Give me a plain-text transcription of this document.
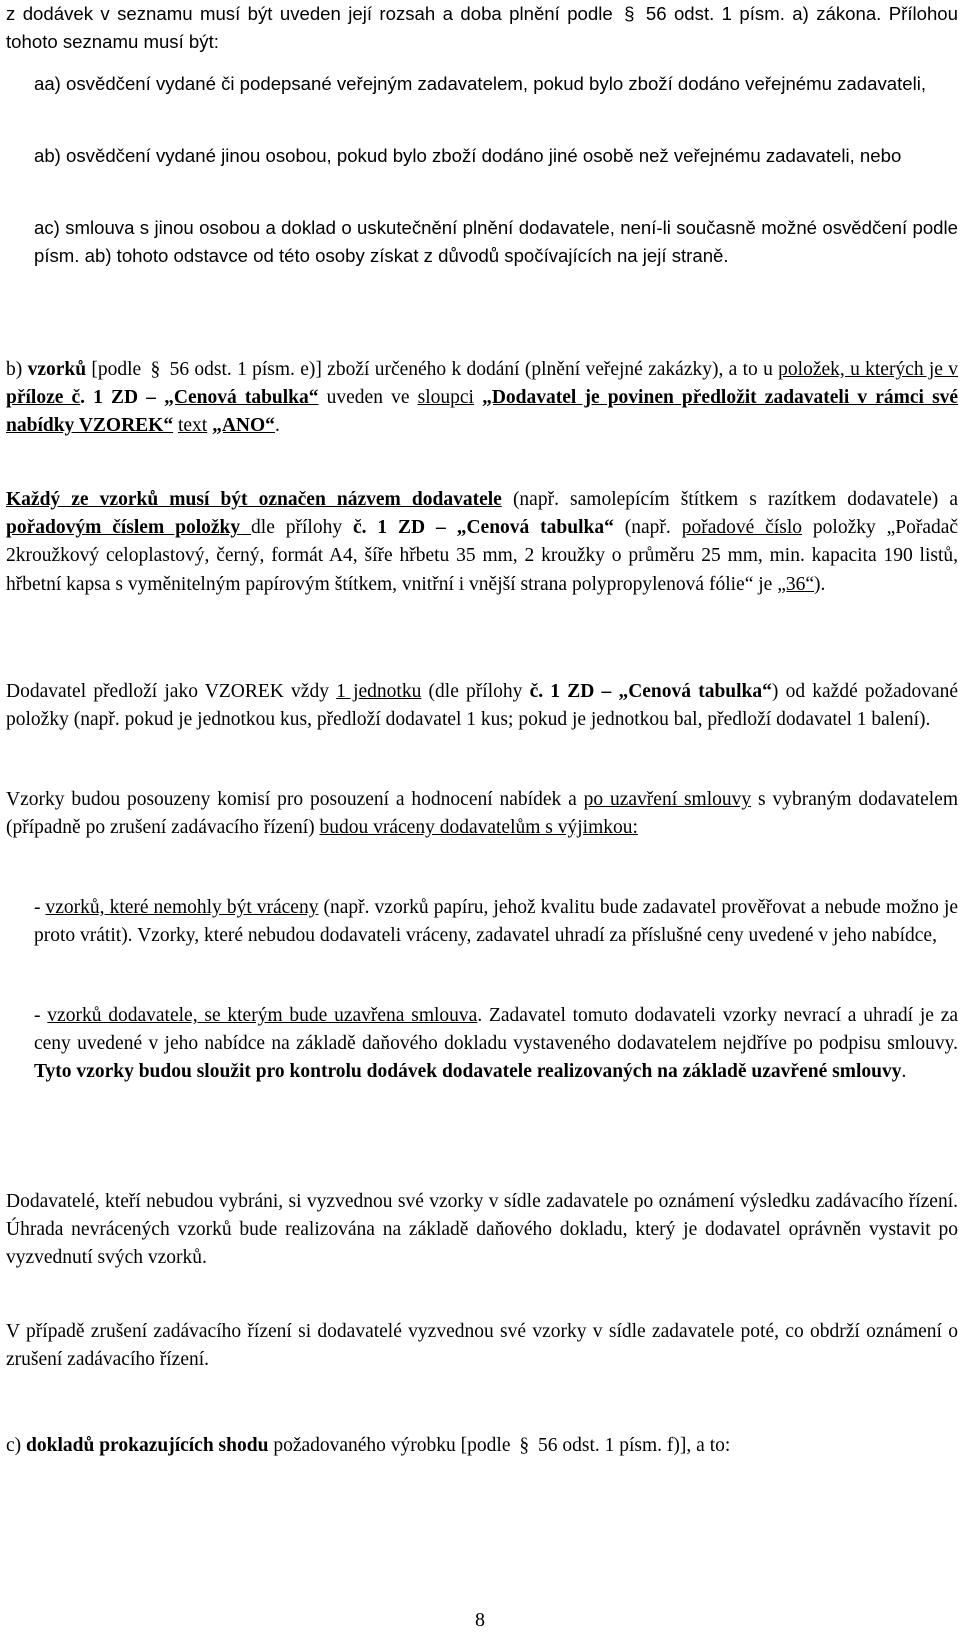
z dodávek v seznamu musí být uveden její rozsah a doba plnění podle § 56 odst. 1 písm. a) zákona. Přílohou tohoto seznamu musí být:

aa) osvědčení vydané či podepsané veřejným zadavatelem, pokud bylo zboží dodáno veřejnému zadavateli,

ab) osvědčení vydané jinou osobou, pokud bylo zboží dodáno jiné osobě než veřejnému zadavateli, nebo

ac) smlouva s jinou osobou a doklad o uskutečnění plnění dodavatele, není-li současně možné osvědčení podle písm. ab) tohoto odstavce od této osoby získat z důvodů spočívajících na její straně.

b) vzorků [podle § 56 odst. 1 písm. e)] zboží určeného k dodání (plnění veřejné zakázky), a to u položek, u kterých je v příloze č. 1 ZD – „Cenová tabulka“ uveden ve sloupci „Dodavatel je povinen předložit zadavateli v rámci své nabídky VZOREK“ text „ANO“.

Každý ze vzorků musí být označen názvem dodavatele (např. samolepícím štítkem s razítkem dodavatele) a pořadovým číslem položky dle přílohy č. 1 ZD – „Cenová tabulka“ (např. pořadové číslo položky „Pořadač 2kroužkový celoplastový, černý, formát A4, šíře hřbetu 35 mm, 2 kroužky o průměru 25 mm, min. kapacita 190 listů, hřbetní kapsa s vyměnitelným papírovým štítkem, vnitřní i vnější strana polypropylenová fólie“ je „36“).

Dodavatel předloží jako VZOREK vždy 1 jednotku (dle přílohy č. 1 ZD – „Cenová tabulka“) od každé požadované položky (např. pokud je jednotkou kus, předloží dodavatel 1 kus; pokud je jednotkou bal, předloží dodavatel 1 balení).

Vzorky budou posouzeny komisí pro posouzení a hodnocení nabídek a po uzavření smlouvy s vybraným dodavatelem (případně po zrušení zadávacího řízení) budou vráceny dodavatelům s výjimkou:

- vzorků, které nemohly být vráceny (např. vzorků papíru, jehož kvalitu bude zadavatel prověřovat a nebude možno je proto vrátit). Vzorky, které nebudou dodavateli vráceny, zadavatel uhradí za příslušné ceny uvedené v jeho nabídce,

- vzorků dodavatele, se kterým bude uzavřena smlouva. Zadavatel tomuto dodavateli vzorky nevrací a uhradí je za ceny uvedené v jeho nabídce na základě daňového dokladu vystaveného dodavatelem nejdříve po podpisu smlouvy. Tyto vzorky budou sloužit pro kontrolu dodávek dodavatele realizovaných na základě uzavřené smlouvy.

Dodavatelé, kteří nebudou vybráni, si vyzvednou své vzorky v sídle zadavatele po oznámení výsledku zadávacího řízení. Úhrada nevrácených vzorků bude realizována na základě daňového dokladu, který je dodavatel oprávněn vystavit po vyzvednutí svých vzorků.

V případě zrušení zadávacího řízení si dodavatelé vyzvednou své vzorky v sídle zadavatele poté, co obdrží oznámení o zrušení zadávacího řízení.

c) dokladů prokazujících shodu požadovaného výrobku [podle § 56 odst. 1 písm. f)], a to:

8
